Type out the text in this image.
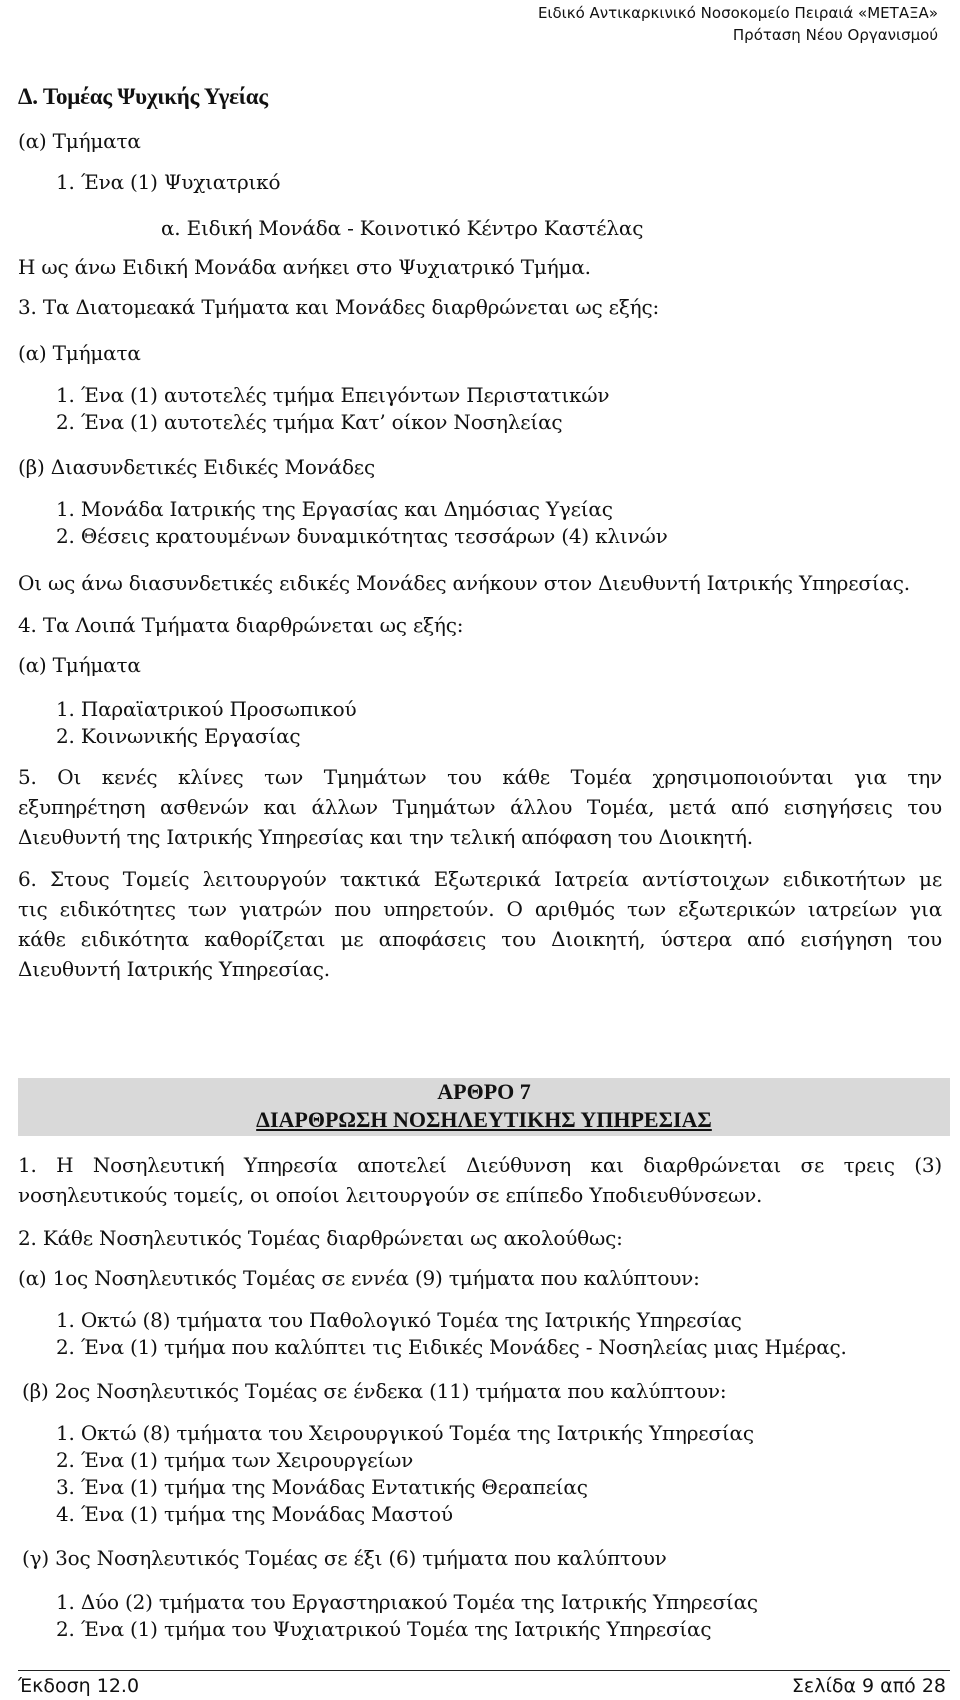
Ειδικό Αντικαρκινικό Νοσοκομείο Πειραιά «ΜΕΤΑΞΑ»
Πρόταση Νέου Οργανισμού

Δ. Τομέας Ψυχικής Υγείας

(α) Τμήματα

1. Ένα (1) Ψυχιατρικό

α. Ειδική Μονάδα - Κοινοτικό Κέντρο Καστέλας

Η ως άνω Ειδική Μονάδα ανήκει στο Ψυχιατρικό Τμήμα.

3. Τα Διατομεακά Τμήματα και Μονάδες διαρθρώνεται ως εξής:

(α) Τμήματα

1. Ένα (1) αυτοτελές τμήμα Επειγόντων Περιστατικών

2. Ένα (1) αυτοτελές τμήμα Κατ’ οίκον Νοσηλείας

(β) Διασυνδετικές Ειδικές Μονάδες

1. Μονάδα Ιατρικής της Εργασίας και Δημόσιας Υγείας

2. Θέσεις κρατουμένων δυναμικότητας τεσσάρων (4) κλινών

Οι ως άνω διασυνδετικές ειδικές Μονάδες ανήκουν στον Διευθυντή Ιατρικής Υπηρεσίας.

4. Τα Λοιπά Τμήματα διαρθρώνεται ως εξής:

(α) Τμήματα

1. Παραϊατρικού Προσωπικού

2. Κοινωνικής Εργασίας

5. Οι κενές κλίνες των Τμημάτων του κάθε Τομέα χρησιμοποιούνται για την

εξυπηρέτηση ασθενών και άλλων Τμημάτων άλλου Τομέα, μετά από εισηγήσεις του

Διευθυντή της Ιατρικής Υπηρεσίας και την τελική απόφαση του Διοικητή.

6. Στους Τομείς λειτουργούν τακτικά Εξωτερικά Ιατρεία αντίστοιχων ειδικοτήτων με

τις ειδικότητες των γιατρών που υπηρετούν. Ο αριθμός των εξωτερικών ιατρείων για

κάθε ειδικότητα καθορίζεται με αποφάσεις του Διοικητή, ύστερα από εισήγηση του

Διευθυντή Ιατρικής Υπηρεσίας.

ΑΡΘΡΟ 7

ΔΙΑΡΘΡΩΣΗ ΝΟΣΗΛΕΥΤΙΚΗΣ ΥΠΗΡΕΣΙΑΣ

1. Η Νοσηλευτική Υπηρεσία αποτελεί Διεύθυνση και διαρθρώνεται σε τρεις (3)

νοσηλευτικούς τομείς, οι οποίοι λειτουργούν σε επίπεδο Υποδιευθύνσεων.

2. Κάθε Νοσηλευτικός Τομέας διαρθρώνεται ως ακολούθως:

(α) 1ος Νοσηλευτικός Τομέας σε εννέα (9) τμήματα που καλύπτουν:

1. Οκτώ (8) τμήματα του Παθολογικό Τομέα της Ιατρικής Υπηρεσίας

2. Ένα (1) τμήμα που καλύπτει τις Ειδικές Μονάδες - Νοσηλείας μιας Ημέρας.

(β) 2ος Νοσηλευτικός Τομέας σε ένδεκα (11) τμήματα που καλύπτουν:

1. Οκτώ (8) τμήματα του Χειρουργικού Τομέα της Ιατρικής Υπηρεσίας

2. Ένα (1) τμήμα των Χειρουργείων

3. Ένα (1) τμήμα της Μονάδας Εντατικής Θεραπείας

4. Ένα (1) τμήμα της Μονάδας Μαστού

(γ) 3ος Νοσηλευτικός Τομέας σε έξι (6) τμήματα που καλύπτουν

1. Δύο (2) τμήματα του Εργαστηριακού Τομέα της Ιατρικής Υπηρεσίας

2. Ένα (1) τμήμα του Ψυχιατρικού Τομέα της Ιατρικής Υπηρεσίας

Έκδοση 12.0	Σελίδα 9 από 28
